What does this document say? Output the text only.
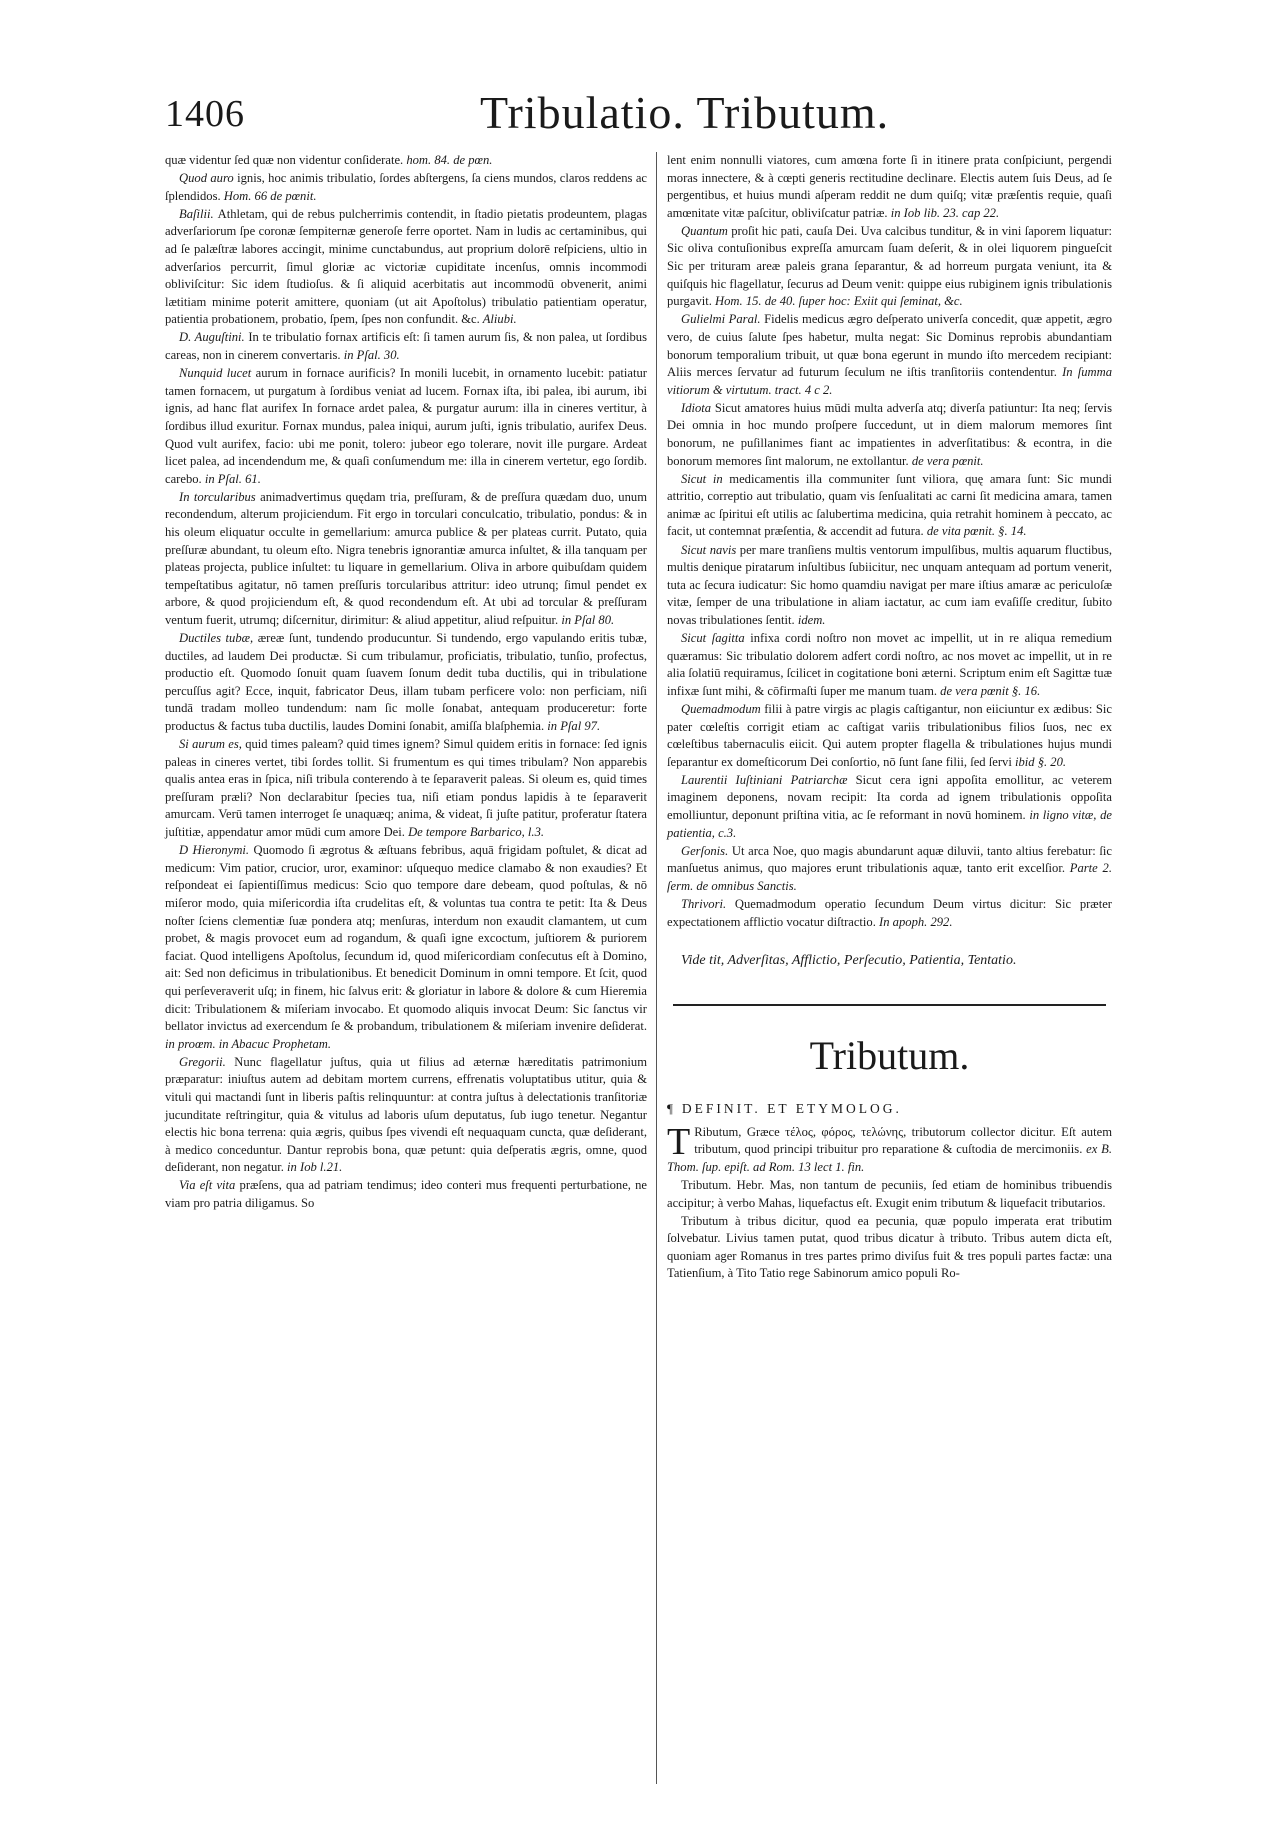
1406	Tribulatio. Tributum.

quæ videntur ſed quæ non videntur conſiderate. hom. 84. de pœn.

Quod auro ignis, hoc animis tribulatio, ſordes abſtergens, ſa ciens mundos, claros reddens ac ſplendidos. Hom. 66 de pœnit.

Baſilii. Athletam, qui de rebus pulcherrimis contendit, in ſtadio pietatis prodeuntem, plagas adverſariorum ſpe coronæ ſempiternæ generoſe ferre oportet. Nam in ludis ac certaminibus, qui ad ſe palæſtræ labores accingit, minime cunctabundus, aut proprium dolorē reſpiciens, ultio in adverſarios percurrit, ſimul gloriæ ac victoriæ cupiditate incenſus, omnis incommodi obliviſcitur: Sic idem ſtudioſus. & ſi aliquid acerbitatis aut incommodū obvenerit, animi lætitiam minime poterit amittere, quoniam (ut ait Apoſtolus) tribulatio patientiam operatur, patientia probationem, probatio, ſpem, ſpes non confundit. &c. Aliubi.

D. Auguſtini. In te tribulatio fornax artificis eſt: ſi tamen aurum ſis, & non palea, ut ſordibus careas, non in cinerem convertaris. in Pſal. 30.

Nunquid lucet aurum in fornace aurificis? In monili lucebit, in ornamento lucebit: patiatur tamen fornacem, ut purgatum à ſordibus veniat ad lucem. Fornax iſta, ibi palea, ibi aurum, ibi ignis, ad hanc flat aurifex In fornace ardet palea, & purgatur aurum: illa in cineres vertitur, à ſordibus illud exuritur. Fornax mundus, palea iniqui, aurum juſti, ignis tribulatio, aurifex Deus. Quod vult aurifex, facio: ubi me ponit, tolero: jubeor ego tolerare, novit ille purgare. Ardeat licet palea, ad incendendum me, & quaſi conſumendum me: illa in cinerem vertetur, ego ſordib. carebo. in Pſal. 61.

In torcularibus animadvertimus quędam tria, preſſuram, & de preſſura quædam duo, unum recondendum, alterum projiciendum. Fit ergo in torculari conculcatio, tribulatio, pondus: & in his oleum eliquatur occulte in gemellarium: amurca publice & per plateas currit. Putato, quia preſſuræ abundant, tu oleum eſto. Nigra tenebris ignorantiæ amurca inſultet, & illa tanquam per plateas projecta, publice inſultet: tu liquare in gemellarium. Oliva in arbore quibuſdam quidem tempeſtatibus agitatur, nō tamen preſſuris torcularibus attritur: ideo utrunq; ſimul pendet ex arbore, & quod projiciendum eſt, & quod recondendum eſt. At ubi ad torcular & preſſuram ventum fuerit, utrumq; diſcernitur, dirimitur: & aliud appetitur, aliud reſpuitur. in Pſal 80.

Ductiles tubæ, æreæ ſunt, tundendo producuntur. Si tundendo, ergo vapulando eritis tubæ, ductiles, ad laudem Dei productæ. Si cum tribulamur, proficiatis, tribulatio, tunſio, profectus, productio eſt. Quomodo ſonuit quam ſuavem ſonum dedit tuba ductilis, qui in tribulatione percuſſus agit? Ecce, inquit, fabricator Deus, illam tubam perficere volo: non perficiam, niſi tundā tradam molleo tundendum: nam ſic molle ſonabat, antequam produceretur: forte productus & factus tuba ductilis, laudes Domini ſonabit, amiſſa blaſphemia. in Pſal 97.

Si aurum es, quid times paleam? quid times ignem? Simul quidem eritis in fornace: ſed ignis paleas in cineres vertet, tibi ſordes tollit. Si frumentum es qui times tribulam? Non apparebis qualis antea eras in ſpica, niſi tribula conterendo à te ſeparaverit paleas. Si oleum es, quid times preſſuram præli? Non declarabitur ſpecies tua, niſi etiam pondus lapidis à te ſeparaverit amurcam. Verū tamen interroget ſe unaquæq; anima, & videat, ſi juſte patitur, proferatur ſtatera juſtitiæ, appendatur amor mūdi cum amore Dei. De tempore Barbarico, l.3.

D Hieronymi. Quomodo ſi ægrotus & æſtuans febribus, aquā frigidam poſtulet, & dicat ad medicum: Vim patior, crucior, uror, examinor: uſquequo medice clamabo & non exaudies? Et reſpondeat ei ſapientiſſimus medicus: Scio quo tempore dare debeam, quod poſtulas, & nō miſeror modo, quia miſericordia iſta crudelitas eſt, & voluntas tua contra te petit: Ita & Deus noſter ſciens clementiæ ſuæ pondera atq; menſuras, interdum non exaudit clamantem, ut cum probet, & magis provocet eum ad rogandum, & quaſi igne excoctum, juſtiorem & puriorem faciat. Quod intelligens Apoſtolus, ſecundum id, quod miſericordiam conſecutus eſt à Domino, ait: Sed non deficimus in tribulationibus. Et benedicit Dominum in omni tempore. Et ſcit, quod qui perſeveraverit uſq; in finem, hic ſalvus erit: & gloriatur in labore & dolore & cum Hieremia dicit: Tribulationem & miſeriam invocabo. Et quomodo aliquis invocat Deum: Sic ſanctus vir bellator invictus ad exercendum ſe & probandum, tribulationem & miſeriam invenire deſiderat. in proœm. in Abacuc Prophetam.

Gregorii. Nunc flagellatur juſtus, quia ut filius ad æternæ hæreditatis patrimonium præparatur: iniuſtus autem ad debitam mortem currens, effrenatis voluptatibus utitur, quia & vituli qui mactandi ſunt in liberis paſtis relinquuntur: at contra juſtus à delectationis tranſitoriæ jucunditate reſtringitur, quia & vitulus ad laboris uſum deputatus, ſub iugo tenetur. Negantur electis hic bona terrena: quia ægris, quibus ſpes vivendi eſt nequaquam cuncta, quæ deſiderant, à medico conceduntur. Dantur reprobis bona, quæ petunt: quia deſperatis ægris, omne, quod deſiderant, non negatur. in Iob l.21.

Via eſt vita præſens, qua ad patriam tendimus; ideo conteri mus frequenti perturbatione, ne viam pro patria diligamus. So

lent enim nonnulli viatores, cum amœna forte ſi in itinere prata conſpiciunt, pergendi moras innectere, & à cœpti generis rectitudine declinare. Electis autem ſuis Deus, ad ſe pergentibus, et huius mundi aſperam reddit ne dum quiſq; vitæ præſentis requie, quaſi amœnitate vitæ paſcitur, obliviſcatur patriæ. in Iob lib. 23. cap 22.

Quantum proſit hic pati, cauſa Dei. Uva calcibus tunditur, & in vini ſaporem liquatur: Sic oliva contuſionibus expreſſa amurcam ſuam deſerit, & in olei liquorem pingueſcit Sic per trituram areæ paleis grana ſeparantur, & ad horreum purgata veniunt, ita & quiſquis hic flagellatur, ſecurus ad Deum venit: quippe eius rubiginem ignis tribulationis purgavit. Hom. 15. de 40. ſuper hoc: Exiit qui ſeminat, &c.

Gulielmi Paral. Fidelis medicus ægro deſperato univerſa concedit, quæ appetit, ægro vero, de cuius ſalute ſpes habetur, multa negat: Sic Dominus reprobis abundantiam bonorum temporalium tribuit, ut quæ bona egerunt in mundo iſto mercedem recipiant: Aliis merces ſervatur ad futurum ſeculum ne iſtis tranſitoriis contendentur. In ſumma vitiorum & virtutum. tract. 4 c 2.

Idiota Sicut amatores huius mūdi multa adverſa atq; diverſa patiuntur: Ita neq; ſervis Dei omnia in hoc mundo proſpere ſuccedunt, ut in diem malorum memores ſint bonorum, ne puſillanimes fiant ac impatientes in adverſitatibus: & econtra, in die bonorum memores ſint malorum, ne extollantur. de vera pœnit.

Sicut in medicamentis illa communiter ſunt viliora, quę amara ſunt: Sic mundi attritio, correptio aut tribulatio, quam vis ſenſualitati ac carni ſit medicina amara, tamen animæ ac ſpiritui eſt utilis ac ſalubertima medicina, quia retrahit hominem à peccato, ac facit, ut contemnat præſentia, & accendit ad futura. de vita pœnit. §. 14.

Sicut navis per mare tranſiens multis ventorum impulſibus, multis aquarum fluctibus, multis denique piratarum inſultibus ſubiicitur, nec unquam antequam ad portum venerit, tuta ac ſecura iudicatur: Sic homo quamdiu navigat per mare iſtius amaræ ac periculoſæ vitæ, ſemper de una tribulatione in aliam iactatur, ac cum iam evaſiſſe creditur, ſubito novas tribulationes ſentit. idem.

Sicut ſagitta infixa cordi noſtro non movet ac impellit, ut in re aliqua remedium quæramus: Sic tribulatio dolorem adfert cordi noſtro, ac nos movet ac impellit, ut in re alia ſolatiū requiramus, ſcilicet in cogitatione boni æterni. Scriptum enim eſt Sagittæ tuæ infixæ ſunt mihi, & cōfirmaſti ſuper me manum tuam. de vera pœnit §. 16.

Quemadmodum filii à patre virgis ac plagis caſtigantur, non eiiciuntur ex ædibus: Sic pater cœleſtis corrigit etiam ac caſtigat variis tribulationibus filios ſuos, nec ex cœleſtibus tabernaculis eiicit. Qui autem propter flagella & tribulationes hujus mundi ſeparantur ex domeſticorum Dei conſortio, nō ſunt ſane filii, ſed ſervi ibid §. 20.

Laurentii Iuſtiniani Patriarchæ Sicut cera igni appoſita emollitur, ac veterem imaginem deponens, novam recipit: Ita corda ad ignem tribulationis oppoſita emolliuntur, deponunt priſtina vitia, ac ſe reformant in novū hominem. in ligno vitæ, de patientia, c.3.

Gerſonis. Ut arca Noe, quo magis abundarunt aquæ diluvii, tanto altius ferebatur: ſic manſuetus animus, quo majores erunt tribulationis aquæ, tanto erit excelſior. Parte 2. ſerm. de omnibus Sanctis.

Thrivori. Quemadmodum operatio ſecundum Deum virtus dicitur: Sic præter expectationem afflictio vocatur diſtractio. In apoph. 292.

Vide tit, Adverſitas, Afflictio, Perſecutio, Patientia, Tentatio.
Tributum.
¶ DEFINIT. ET ETYMOLOG.

T Ributum, Græce τέλος, φόρος, τελώνης, tributorum collector dicitur. Eſt autem tributum, quod principi tribuitur pro reparatione & cuſtodia de mercimoniis. ex B. Thom. ſup. epiſt. ad Rom. 13 lect 1. fin.

Tributum. Hebr. Mas, non tantum de pecuniis, ſed etiam de hominibus tribuendis accipitur; à verbo Mahas, liquefactus eſt. Exugit enim tributum & liquefacit tributarios.

Tributum à tribus dicitur, quod ea pecunia, quæ populo imperata erat tributim ſolvebatur. Livius tamen putat, quod tribus dicatur à tributo. Tribus autem dicta eſt, quoniam ager Romanus in tres partes primo diviſus fuit & tres populi partes factæ: una Tatienſium, à Tito Tatio rege Sabinorum amico populi Ro-
